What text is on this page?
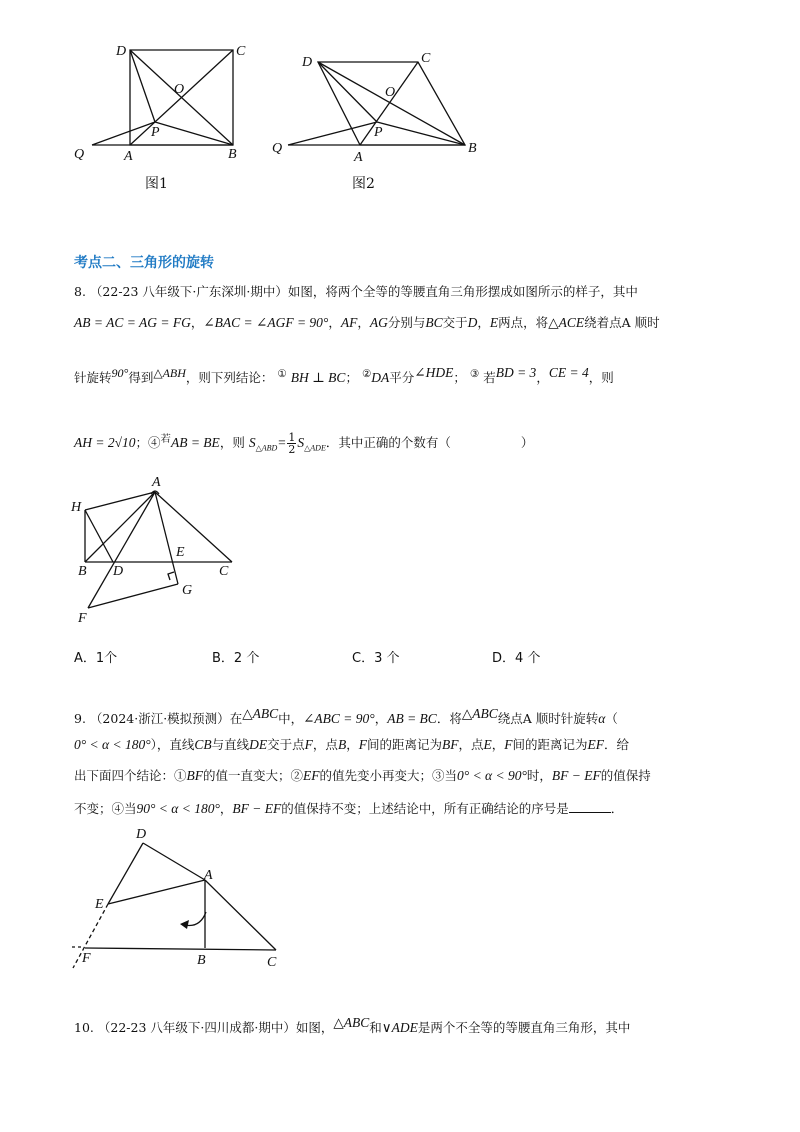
D	C
O
P
Q	A	B
图1
D	C
O
P
Q
A
B
图2
考点二、三角形的旋转
8. （22-23 八年级下·广东深圳·期中）如图，将两个全等的等腰直角三角形摆成如图所示的样子，其中
AB = AC = AG = FG，∠BAC = ∠AGF = 90°，AF，AG分别与BC交于D，E两点，将△ACE绕着点A 顺时
针旋转$^{90^\circ}$得到$^{\triangle ABH}$，则下列结论： ① BH ⊥ BC； ②DA平分$^{\angle HDE}$； ③ 若$^{BD = 3}$，$^{CE = 4}$，则
AH = 2√10；④$^若$AB = BE，则 $S_{\triangle ABD}= \frac{1}{2} S_{\triangle ADE}$．其中正确的个数有（	）
A
H
B D
E
C
F
G
A．1个	B．2 个	C．3 个	D．4 个
9. （2024·浙江·模拟预测）在$^{\triangle ABC}$中，∠ABC = 90°，AB = BC．将$^{\triangle ABC}$绕点A 顺时针旋转α（
0° < α < 180°），直线CB与直线DE交于点F，点B，F间的距离记为BF，点E，F间的距离记为EF．给
出下面四个结论：①BF的值一直变大；②EF的值先变小再变大；③当0° < α < 90°时，BF − EF的值保持
不变；④当90° < α < 180°，BF − EF的值保持不变；上述结论中，所有正确结论的序号是	．
D
A
E
F	B	C
10. （22-23 八年级下·四川成都·期中）如图，$^{\triangle ABC}$和∨ADE是两个不全等的等腰直角三角形，其中
